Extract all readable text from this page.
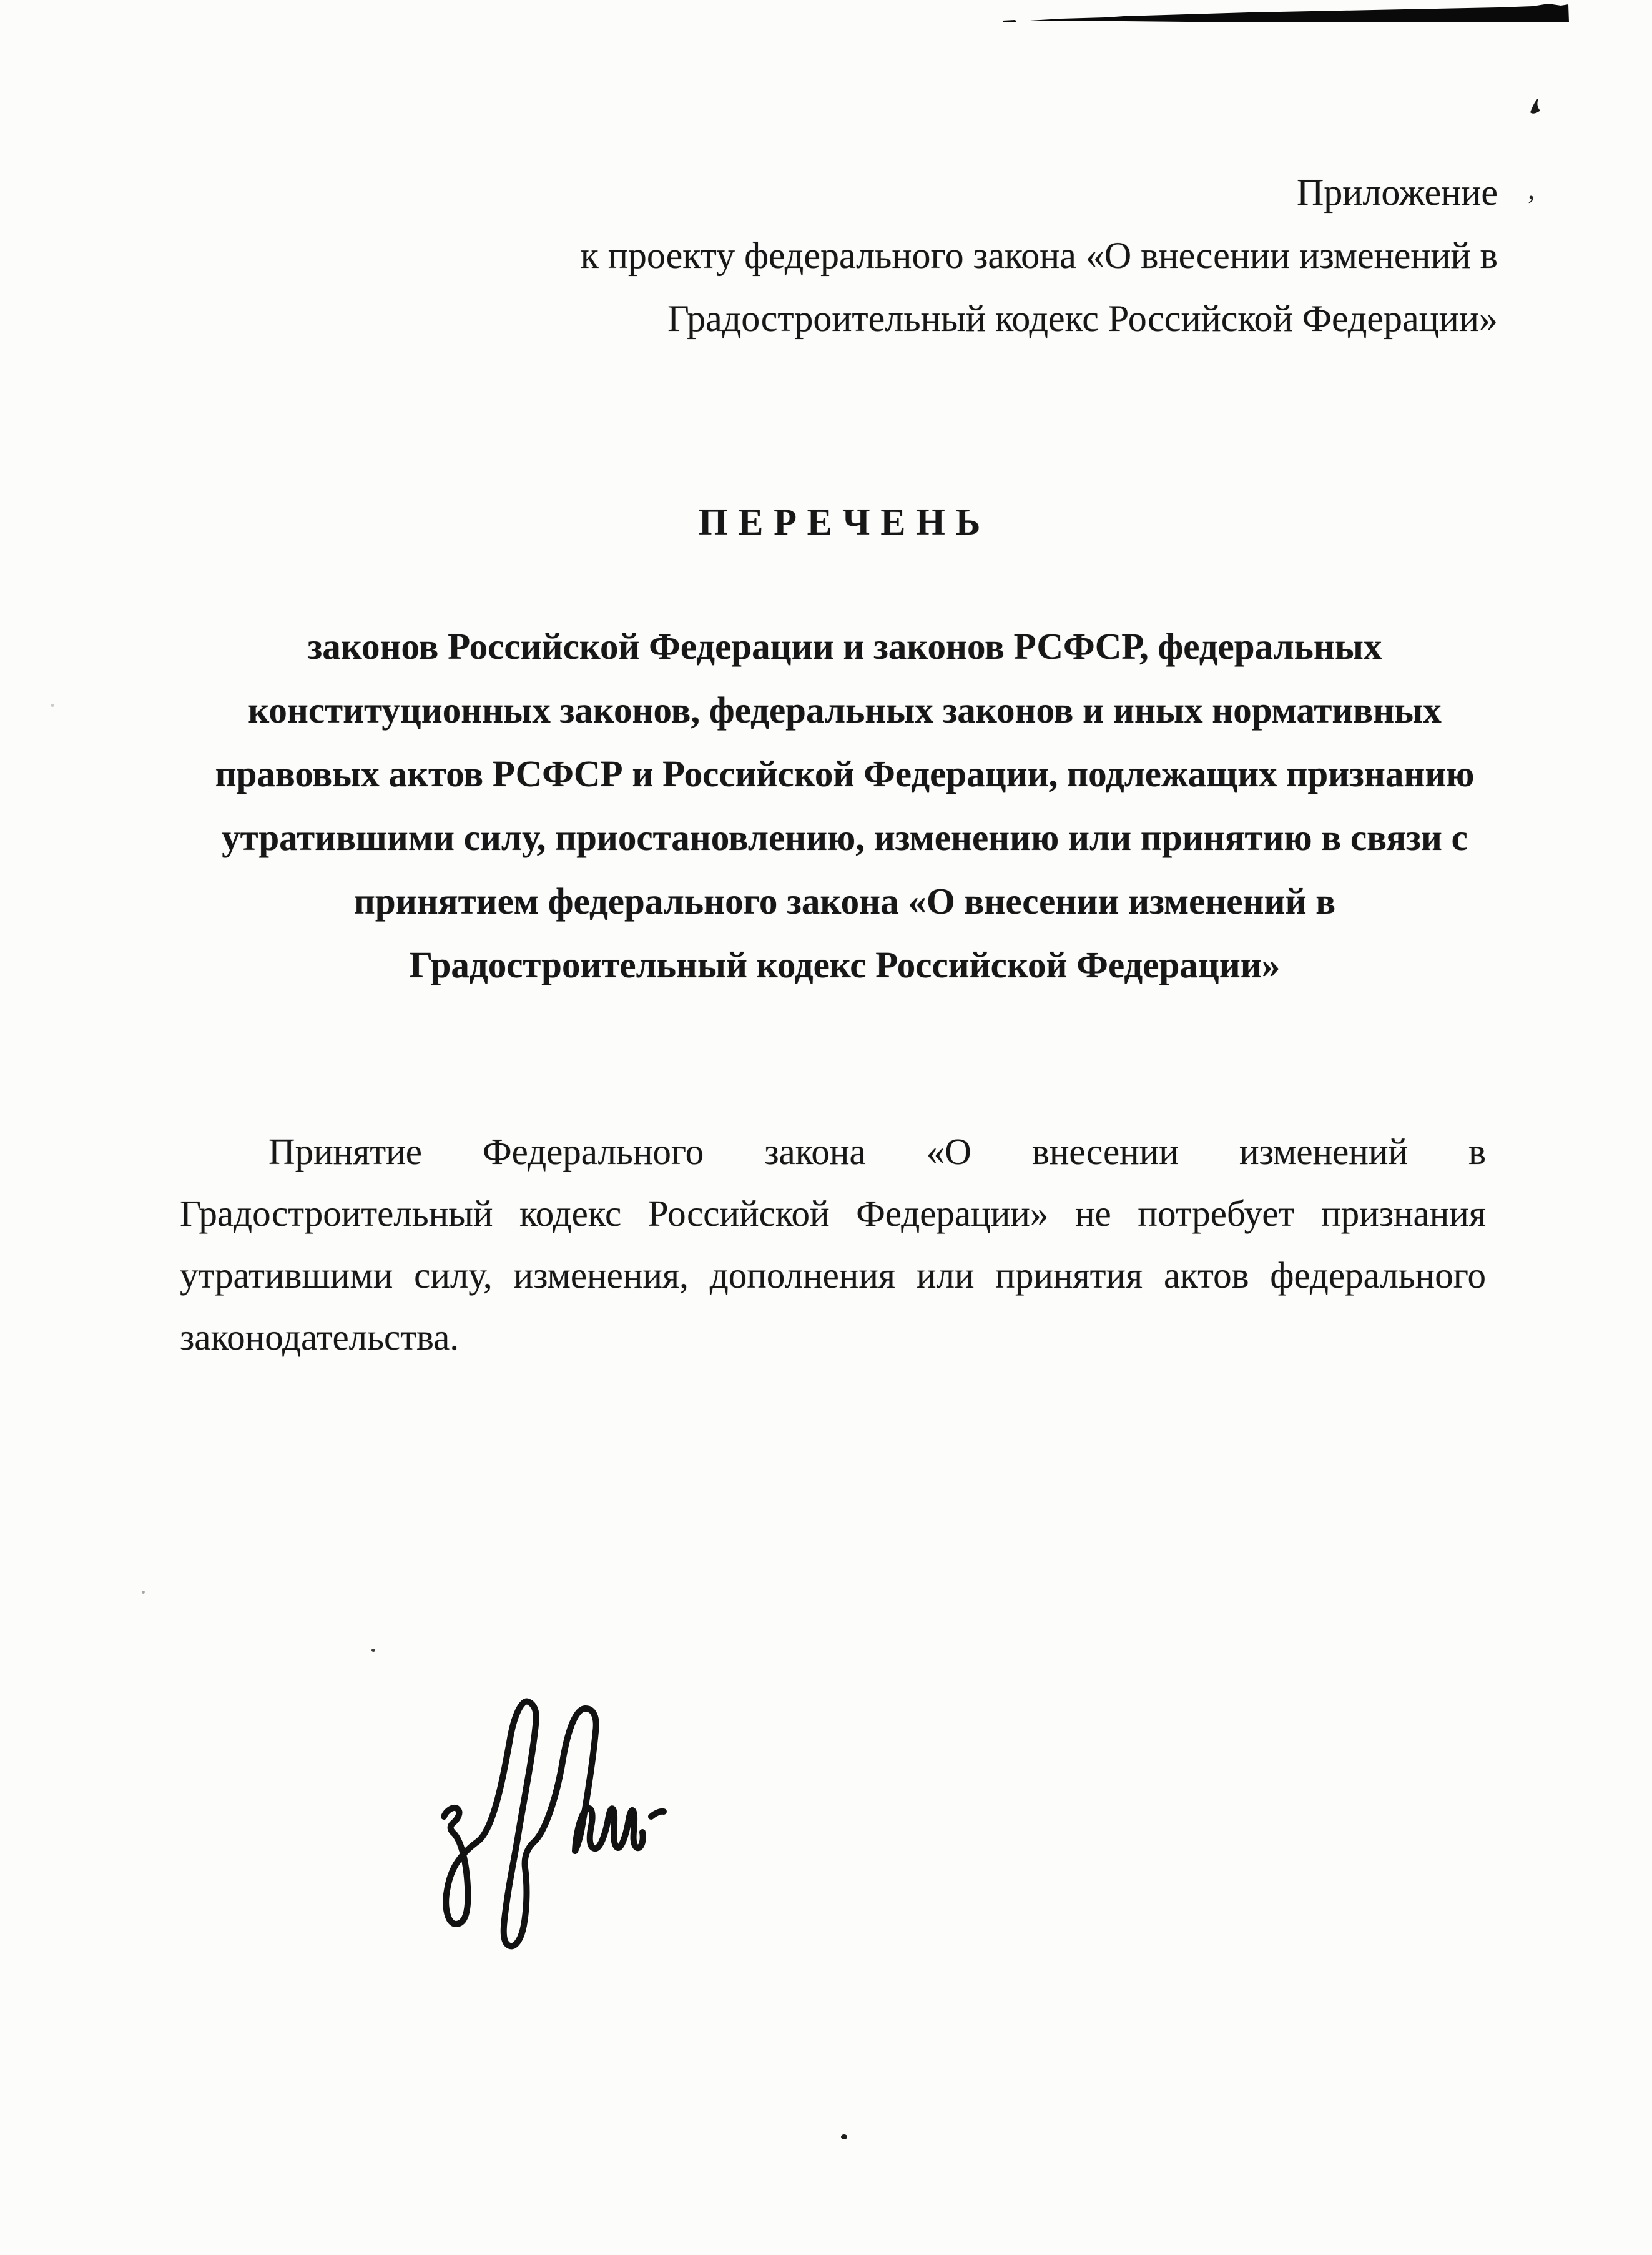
,
Приложение
к проекту федерального закона «О внесении изменений в
Градостроительный кодекс Российской Федерации»
ПЕРЕЧЕНЬ
законов Российской Федерации и законов РСФСР, федеральных
конституционных законов, федеральных законов и иных нормативных
правовых актов РСФСР и Российской Федерации, подлежащих признанию
утратившими силу, приостановлению, изменению или принятию в связи с
принятием федерального закона «О внесении изменений в
Градостроительный кодекс Российской Федерации»
Принятие Федерального закона «О внесении изменений в
Градостроительный кодекс Российской Федерации» не потребует признания
утратившими силу, изменения, дополнения или принятия актов федерального
законодательства.
